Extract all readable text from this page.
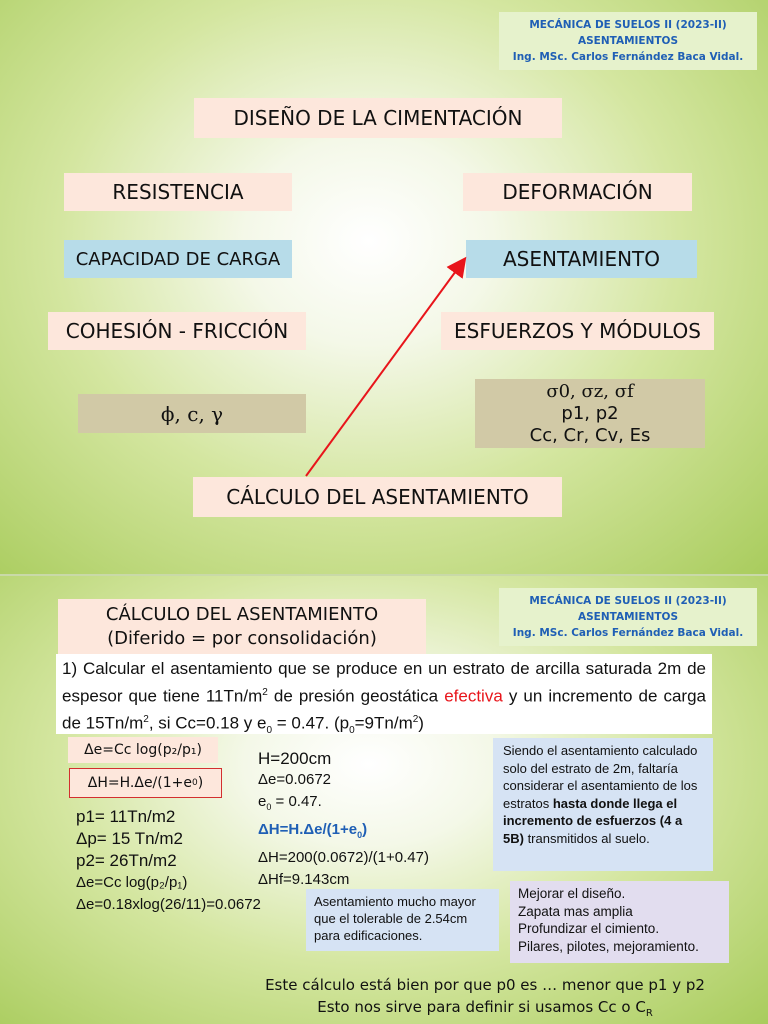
MECÁNICA DE SUELOS II (2023-II)
ASENTAMIENTOS
Ing. MSc. Carlos Fernández Baca Vidal.
DISEÑO DE LA CIMENTACIÓN
RESISTENCIA	DEFORMACIÓN
CAPACIDAD DE CARGA	ASENTAMIENTO
COHESIÓN - FRICCIÓN	ESFUERZOS Y MÓDULOS
ϕ, c, γ
σ0, σz, σf
p1, p2
Cc, Cr, Cv, Es
CÁLCULO DEL ASENTAMIENTO
MECÁNICA DE SUELOS II (2023-II)
ASENTAMIENTOS
Ing. MSc. Carlos Fernández Baca Vidal.
CÁLCULO DEL ASENTAMIENTO
(Diferido = por consolidación)
1) Calcular el asentamiento que se produce en un estrato de arcilla saturada 2m de espesor que tiene $11Tn/m^2$ de presión geostática efectiva y un incremento de carga de $15Tn/m^2$, si Cc=0.18 y $e_0 = 0.47$. $(p_0=9Tn/m^2)$
Δe=Cc log(p₂/p₁)
ΔH=H.Δe/(1+e 0 )
p1= 11Tn/m2
Δp= 15 Tn/m2
p2= 26Tn/m2
Δe=Cc log(p₂/p₁)
Δe=0.18xlog(26/11)=0.0672
H=200cm
Δe=0.0672
$e_0 = 0.47$.
$\Delta H=H.\Delta e/(1+e_0)$
ΔH=200(0.0672)/(1+0.47)
ΔHf=9.143cm
Siendo el asentamiento calculado solo del estrato de 2m, faltaría considerar el asentamiento de los estratos hasta donde llega el incremento de esfuerzos (4 a 5B) transmitidos al suelo.
Asentamiento mucho mayor que el tolerable de 2.54cm para edificaciones.
Mejorar el diseño.
Zapata mas amplia
Profundizar el cimiento.
Pilares, pilotes, mejoramiento.
Este cálculo está bien por que p0 es … menor que p1 y p2
Esto nos sirve para definir si usamos Cc o $C_R$
